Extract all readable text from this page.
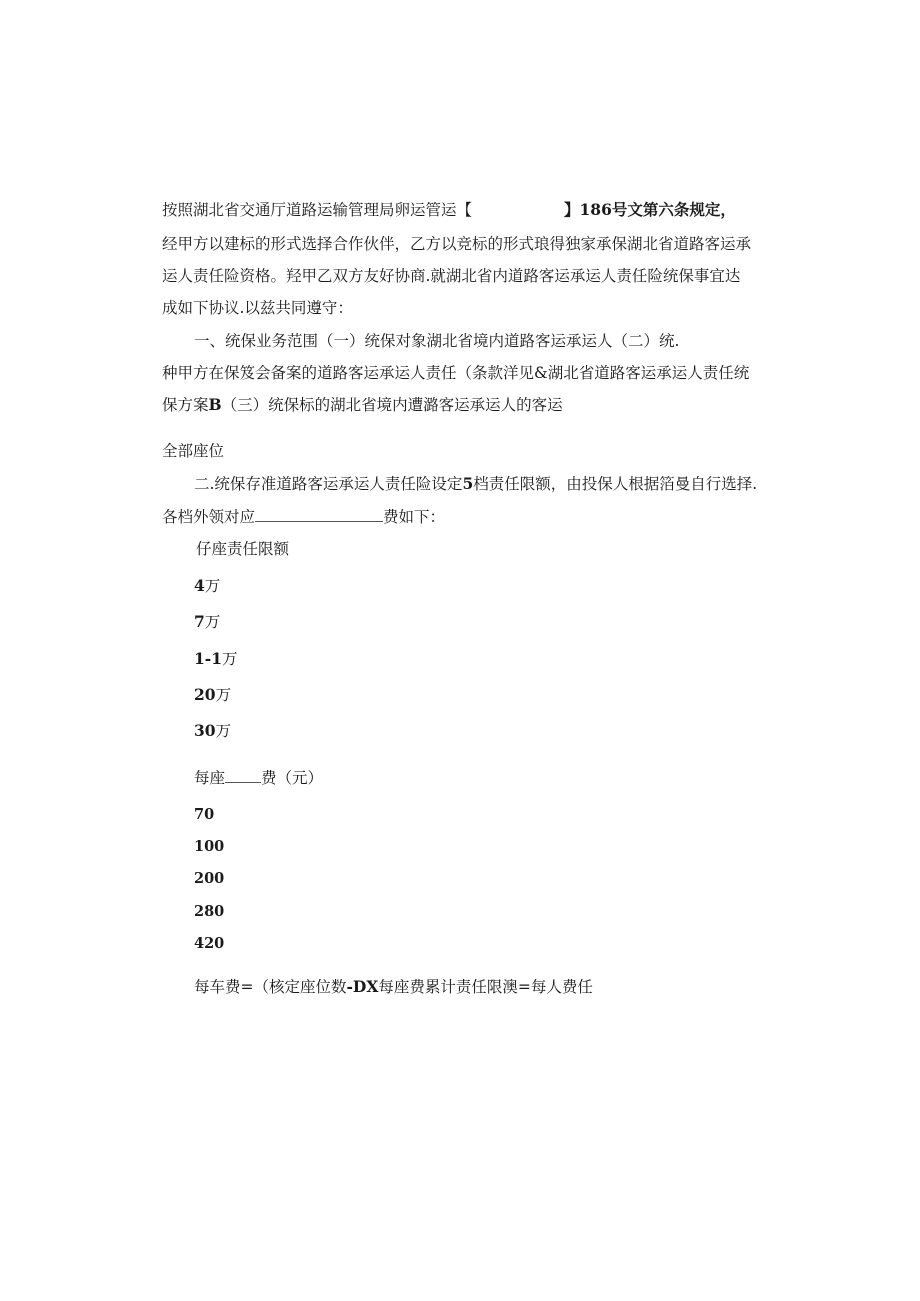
按照湖北省交通厅道路运输管理局卵运管运【	】186号文第六条规定，
经甲方以建标的形式选择合作伙伴，乙方以竞标的形式琅得独家承保湖北省道路客运承
运人责任险资格。羟甲乙双方友好协商.就湖北省内道路客运承运人责任险统保事宜达
成如下协议.以兹共同遵守：
一、统保业务范围（一）统保对象湖北省境内道路客运承运人（二）统.
种甲方在保笈会备案的道路客运承运人责任（条款洋见&湖北省道路客运承运人责任统
保方案B（三）统保标的湖北省境内遭潞客运承运人的客运
全部座位
二.统保存准道路客运承运人责任险设定5档责任限额，由投保人根据箔曼自行选择.
各档外领对应	费如下：
仔座责任限额
4万
7万
1-1万
20万
30万
每座 费（元）
70
100
200
280
420
每车费=（核定座位数-DX每座费累计责任限澳=每人费任
